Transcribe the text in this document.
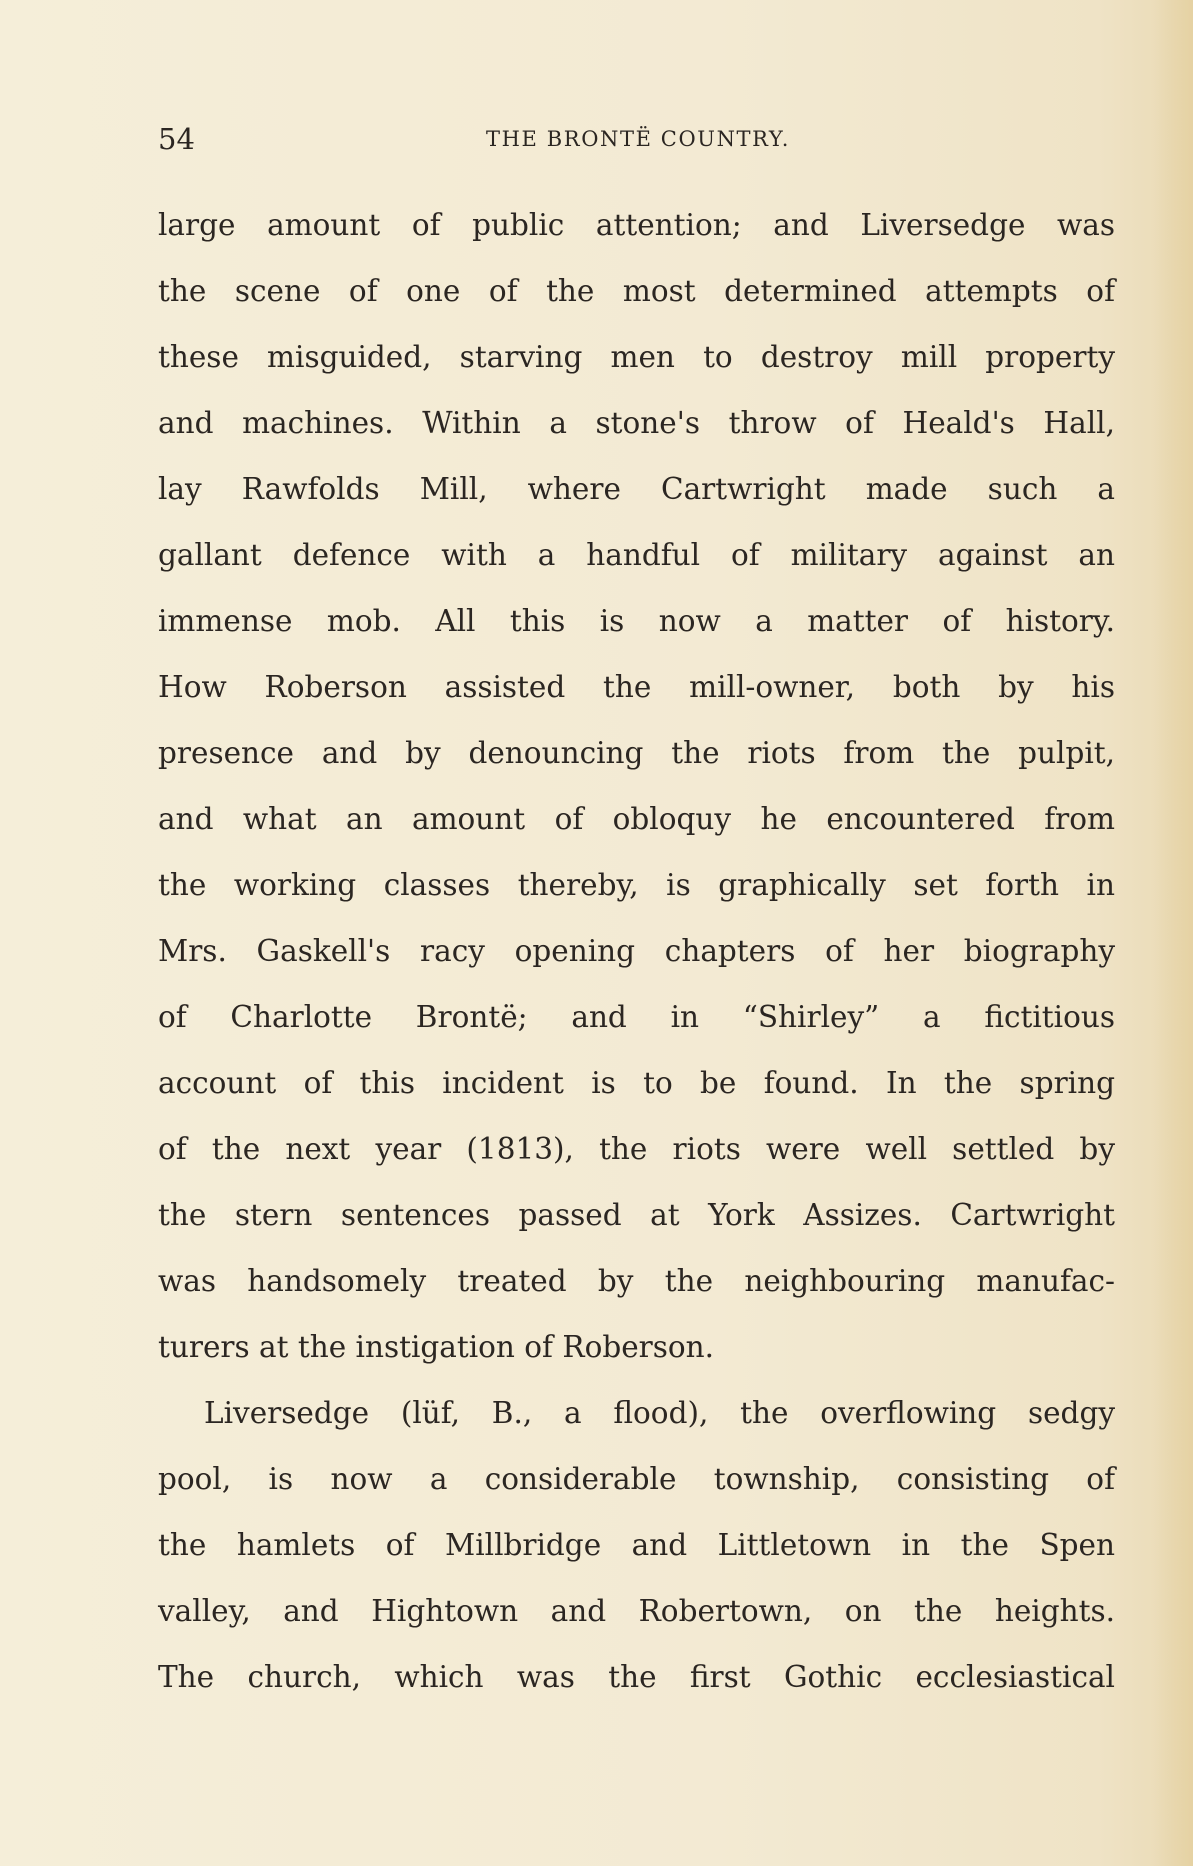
54	THE BRONTË COUNTRY.
large amount of public attention; and Liversedge was
the scene of one of the most determined attempts of
these misguided, starving men to destroy mill property
and machines. Within a stone's throw of Heald's Hall,
lay Rawfolds Mill, where Cartwright made such a
gallant defence with a handful of military against an
immense mob. All this is now a matter of history.
How Roberson assisted the mill-owner, both by his
presence and by denouncing the riots from the pulpit,
and what an amount of obloquy he encountered from
the working classes thereby, is graphically set forth in
Mrs. Gaskell's racy opening chapters of her biography
of Charlotte Brontë; and in “Shirley” a fictitious
account of this incident is to be found. In the spring
of the next year (1813), the riots were well settled by
the stern sentences passed at York Assizes. Cartwright
was handsomely treated by the neighbouring manufac-
turers at the instigation of Roberson.
Liversedge (lüf, B., a flood), the overflowing sedgy
pool, is now a considerable township, consisting of
the hamlets of Millbridge and Littletown in the Spen
valley, and Hightown and Robertown, on the heights.
The church, which was the first Gothic ecclesiastical
